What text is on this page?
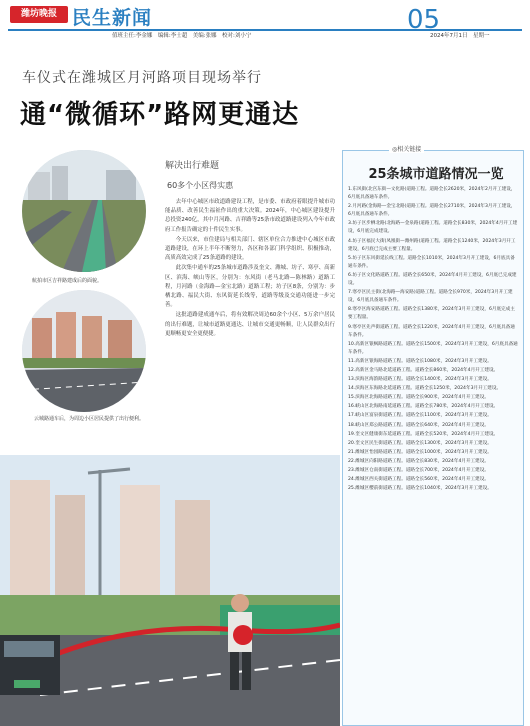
潍坊晚报 民生新闻	05
值班主任:李金娜　编辑:李士超　美编:张娜　校对:刘小宁	2024年7月1日　星期一
车仪式在潍城区月河路项目现场举行
通“微循环”路网更通达
航拍市区吉祥路建成后的面貌。
云城路通车后，为周边小区居民提供了出行便利。
解决出行难题
60多个小区得实惠

去年中心城区市政道路建设工程，是市委、市政府着眼提升城市功能品质、改善民生福祉作出的重大决策。2024年，中心城区建设提升总投资240亿，其中月河路、吉祥路等25条市政道路建设列入今年市政府工作报告确定的十件民生实事。

今天以来，市住建局与相关部门、辖区单位合力推进中心城区市政道路建设，在环上半年不断努力，各区和各部门科学组织、积极推动，高质高效完成了25条道路的建设。

此次集中通车的25条城市道路涉及奎文、潍城、坊子、寒亭、高新区、滨海、峡山等区，分别为：东风街（老马北路—陈林路）道路工程，月河路（金海路—金宝北路）道路工程；坊子区8条，分别为：步栖北路、福民大街、东风街延长线等，道路等级及交通功能进一步完善。

这批道路建成通车后，将有效解决周边60余个小区、5万余户居民的出行难题，让城市道路更通达、让城市交通更畅顺，让人民群众出行更顺畅更安全更便捷。

◎相关链接
25条城市道路情况一览
1.东风街(北宫东街—文化路)道路工程。道路全长2620米，2024年2月开工建设，6月底具备通车条件。
2.月河路(金海路—金宝北路)道路工程。道路全长2710米，2024年3月开工建设，6月底具备通车条件。
3.坊子区步栖北路(北海路—金泉路)道路工程。道路全长830米，2024年4月开工建设，6月底完成建设。
4.坊子区福民大街(凤凰街—潍州路)道路工程。道路全长1240米，2024年3月开工建设，6月底已完成主要工程量。
5.坊子区东风街延长线工程。道路全长1010米，2024年3月开工建设，6月底具备通车条件。
6.坊子区文化路道路工程。道路全长650米，2024年4月开工建设，6月底已完成建设。
7.寒亭区民主街(北海路—海安路)道路工程。道路全长970米，2024年3月开工建设，6月底具备通车条件。
8.寒亭区海安路道路工程。道路全长1380米，2024年3月开工建设，6月底完成主要工程量。
9.寒亭区先声街道路工程。道路全长1220米，2024年4月开工建设，6月底具备通车条件。
10.高新区银枫路道路工程。道路全长1500米，2024年3月开工建设，6月底具备通车条件。
11.高新区银海路道路工程。道路全长1080米，2024年3月开工建设。
12.高新区金马路北延道路工程。道路全长860米，2024年4月开工建设。
13.滨海区海韵路道路工程。道路全长1400米，2024年3月开工建设。
14.滨海区东海路北延道路工程。道路全长1250米，2024年3月开工建设。
15.滨海区北海路道路工程。道路全长900米，2024年4月开工建设。
16.峡山区北海路南延道路工程。道路全长780米，2024年4月开工建设。
17.峡山区富泉街道路工程。道路全长1100米，2024年3月开工建设。
18.峡山区郑公路道路工程。道路全长640米，2024年4月开工建设。
19.奎文区健康街东延道路工程。道路全长520米，2024年4月开工建设。
20.奎文区民生街道路工程。道路全长1300米，2024年3月开工建设。
21.潍城区怡园路道路工程。道路全长1000米，2024年3月开工建设。
22.潍城区向阳路道路工程。道路全长830米，2024年4月开工建设。
23.潍城区仓南街道路工程。道路全长700米，2024年4月开工建设。
24.潍城区西关街道路工程。道路全长560米，2024年4月开工建设。
25.潍城区樱前街道路工程。道路全长1040米，2024年3月开工建设。
